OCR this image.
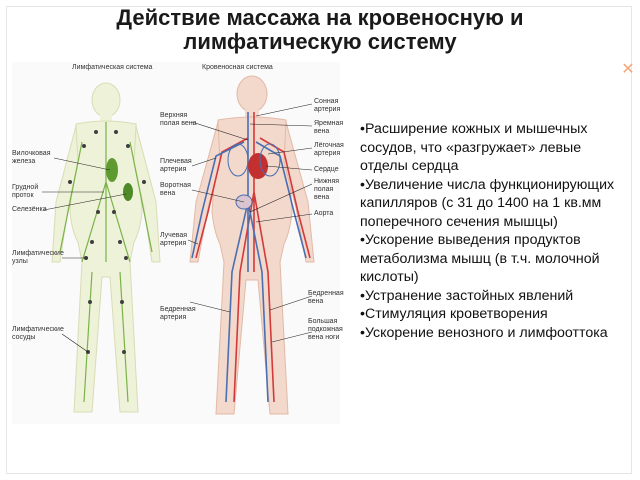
✕
Действие массажа на кровеносную и
лимфатическую систему
Лимфатическая система	Кровеносная система
Вилочковая
железа
Грудной
проток
Селезёнка
Лимфатические
узлы
Лимфатические
сосуды
Верхняя
полая вена
Плечевая
артерия
Воротная
вена
Лучевая
артерия
Бедренная
артерия
Сонная
артерия
Яремная
вена
Лёгочная
артерия
Сердце
Нижняя
полая
вена
Аорта
Бедренная
вена
Большая
подкожная
вена ноги

• Расширение кожных и мышечных сосудов, что «разгружает» левые отделы сердца

• Увеличение числа функционирующих капилляров (с 31 до 1400 на 1 кв.мм поперечного сечения мышцы)

• Ускорение выведения продуктов метаболизма мышц (в т.ч. молочной кислоты)

• Устранение застойных явлений

• Стимуляция кроветворения

• Ускорение венозного и лимфооттока
